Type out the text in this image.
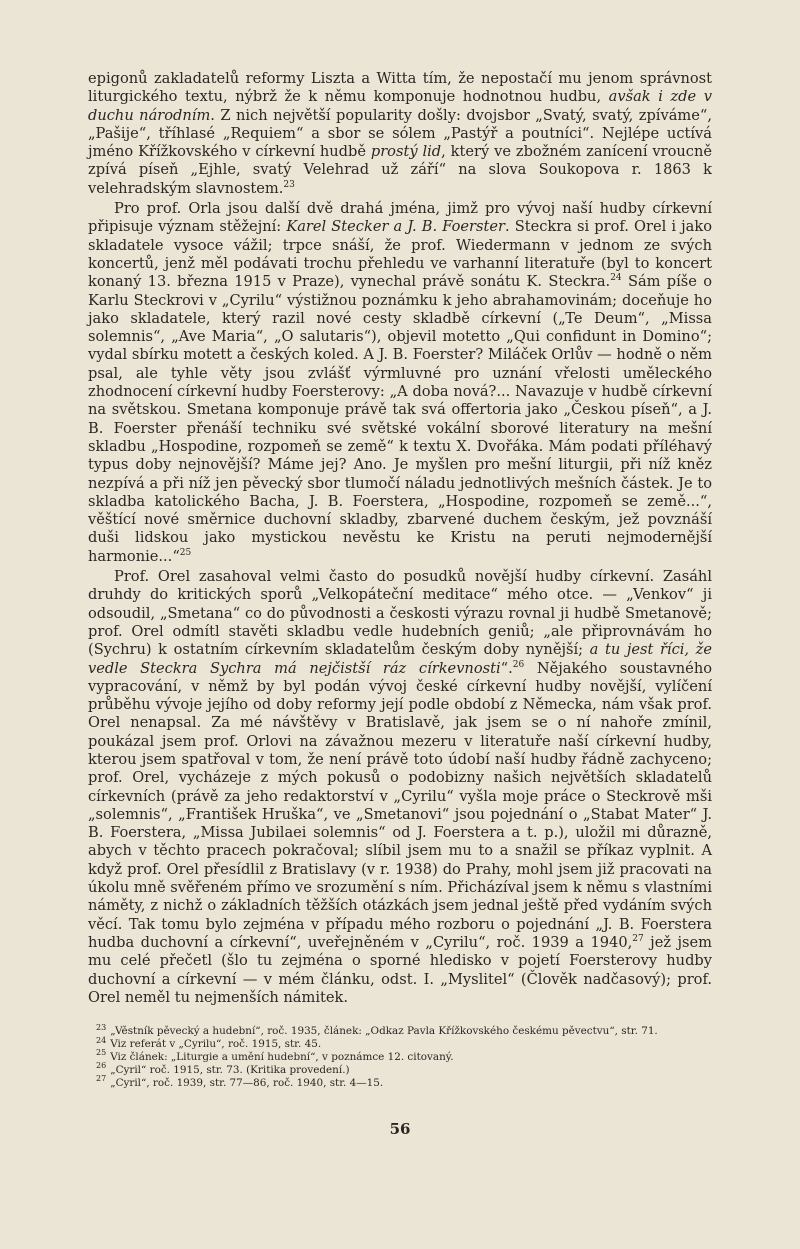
epigonů zakladatelů reformy Liszta a Witta tím, že nepostačí mu jenom správnost liturgického textu, nýbrž že k němu komponuje hodnotnou hudbu, avšak i zde v duchu národním. Z nich největší popularity došly: dvojsbor „Svatý, svatý, zpíváme“, „Pašije“, tříhlasé „Requiem“ a sbor se sólem „Pastýř a poutníci“. Nejlépe uctívá jméno Křížkovského v církevní hudbě prostý lid, který ve zbožném zanícení vroucně zpívá píseň „Ejhle, svatý Velehrad už září“ na slova Soukopova r. 1863 k velehradským slavnostem.$^{23}$

Pro prof. Orla jsou další dvě drahá jména, jimž pro vývoj naší hudby církevní připisuje význam stěžejní: Karel Stecker a J. B. Foerster. Steckra si prof. Orel i jako skladatele vysoce vážil; trpce snáší, že prof. Wiedermann v jednom ze svých koncertů, jenž měl podávati trochu přehledu ve varhanní literatuře (byl to koncert konaný 13. března 1915 v Praze), vynechal právě sonátu K. Steckra.$^{24}$ Sám píše o Karlu Steckrovi v „Cyrilu“ výstižnou poznámku k jeho abrahamovinám; doceňuje ho jako skladatele, který razil nové cesty skladbě církevní („Te Deum“, „Missa solemnis“, „Ave Maria“, „O salutaris“), objevil motetto „Qui confidunt in Domino“; vydal sbírku motett a českých koled. A J. B. Foerster? Miláček Orlův — hodně o něm psal, ale tyhle věty jsou zvlášť výrmluvné pro uznání vřelosti uměleckého zhodnocení církevní hudby Foersterovy: „A doba nová?... Navazuje v hudbě církevní na světskou. Smetana komponuje právě tak svá offertoria jako „Českou píseň“, a J. B. Foerster přenáší techniku své světské vokální sborové literatury na mešní skladbu „Hospodine, rozpomeň se země“ k textu X. Dvořáka. Mám podati příléhavý typus doby nejnovější? Máme jej? Ano. Je myšlen pro mešní liturgii, při níž kněz nezpívá a při níž jen pěvecký sbor tlumočí náladu jednotlivých mešních částek. Je to skladba katolického Bacha, J. B. Foerstera, „Hospodine, rozpomeň se země...“, věštící nové směrnice duchovní skladby, zbarvené duchem českým, jež povznáší duši lidskou jako mystickou nevěstu ke Kristu na peruti nejmodernější harmonie...“$^{25}$

Prof. Orel zasahoval velmi často do posudků novější hudby církevní. Zasáhl druhdy do kritických sporů „Velkopáteční meditace“ mého otce. — „Venkov“ ji odsoudil, „Smetana“ co do původnosti a českosti výrazu rovnal ji hudbě Smetanově; prof. Orel odmítl stavěti skladbu vedle hudebních geniů; „ale připrovnávám ho (Sychru) k ostatním církevním skladatelům českým doby nynější; a tu jest říci, že vedle Steckra Sychra má nejčistší ráz církevnosti“.$^{26}$ Nějakého soustavného vypracování, v němž by byl podán vývoj české církevní hudby novější, vylíčení průběhu vývoje jejího od doby reformy její podle období z Německa, nám však prof. Orel nenapsal. Za mé návštěvy v Bratislavě, jak jsem se o ní nahoře zmínil, poukázal jsem prof. Orlovi na závažnou mezeru v literatuře naší církevní hudby, kterou jsem spatřoval v tom, že není právě toto údobí naší hudby řádně zachyceno; prof. Orel, vycházeje z mých pokusů o podobizny našich největších skladatelů církevních (právě za jeho redaktorství v „Cyrilu“ vyšla moje práce o Steckrově mši „solemnis“, „František Hruška“, ve „Smetanovi“ jsou pojednání o „Stabat Mater“ J. B. Foerstera, „Missa Jubilaei solemnis“ od J. Foerstera a t. p.), uložil mi důrazně, abych v těchto pracech pokračoval; slíbil jsem mu to a snažil se příkaz vyplnit. A když prof. Orel přesídlil z Bratislavy (v r. 1938) do Prahy, mohl jsem již pracovati na úkolu mně svěřeném přímo ve srozumění s ním. Přicházíval jsem k němu s vlastními náměty, z nichž o základních těžších otázkách jsem jednal ještě před vydáním svých věcí. Tak tomu bylo zejména v případu mého rozboru o pojednání „J. B. Foerstera hudba duchovní a církevní“, uveřejněném v „Cyrilu“, roč. 1939 a 1940,27 jež jsem mu celé přečetl (šlo tu zejména o sporné hledisko v pojetí Foersterovy hudby duchovní a církevní — v mém článku, odst. I. „Myslitel“ (Člověk nadčasový); prof. Orel neměl tu nejmenších námitek.

$^{23}$ „Věstník pěvecký a hudební“, roč. 1935, článek: „Odkaz Pavla Křížkovského českému pěvectvu“, str. 71.

$^{24}$ Viz referát v „Cyrilu“, roč. 1915, str. 45.

$^{25}$ Viz článek: „Liturgie a umění hudební“, v poznámce 12. citovaný.

$^{26}$ „Cyril“ roč. 1915, str. 73. (Kritika provedení.)

$^{27}$ „Cyril“, roč. 1939, str. 77—86, roč. 1940, str. 4—15.

56
